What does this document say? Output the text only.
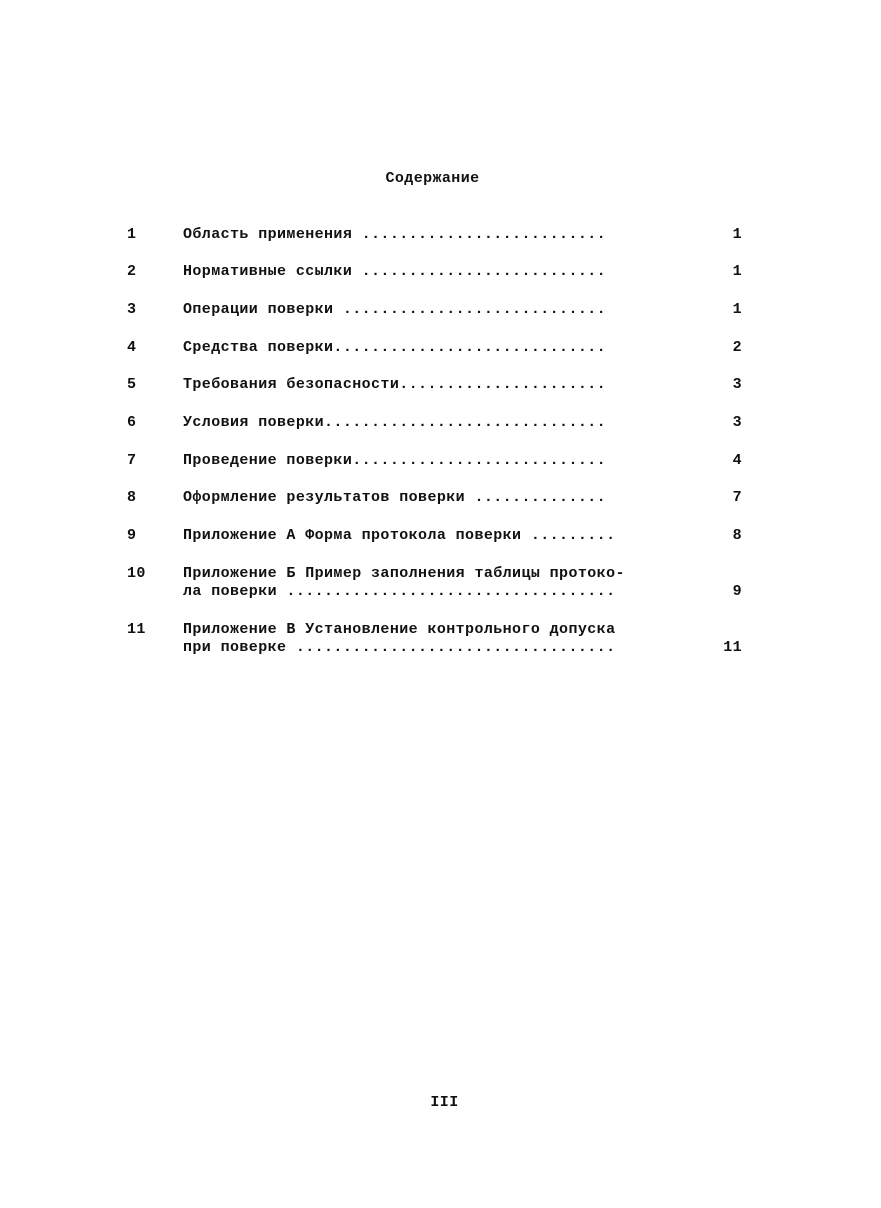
Содержание
1	Область применения ..........................	1
2	Нормативные ссылки ..........................	1
3	Операции поверки ............................	1
4	Средства поверки.............................	2
5	Требования безопасности......................	3
6	Условия поверки..............................	3
7	Проведение поверки...........................	4
8	Оформление результатов поверки ..............	7
9	Приложение А Форма протокола поверки .........	8
10 Приложение Б Пример заполнения таблицы протоко-
ла поверки ...................................	9
11 Приложение В Установление контрольного допуска
при поверке ..................................	11
III
